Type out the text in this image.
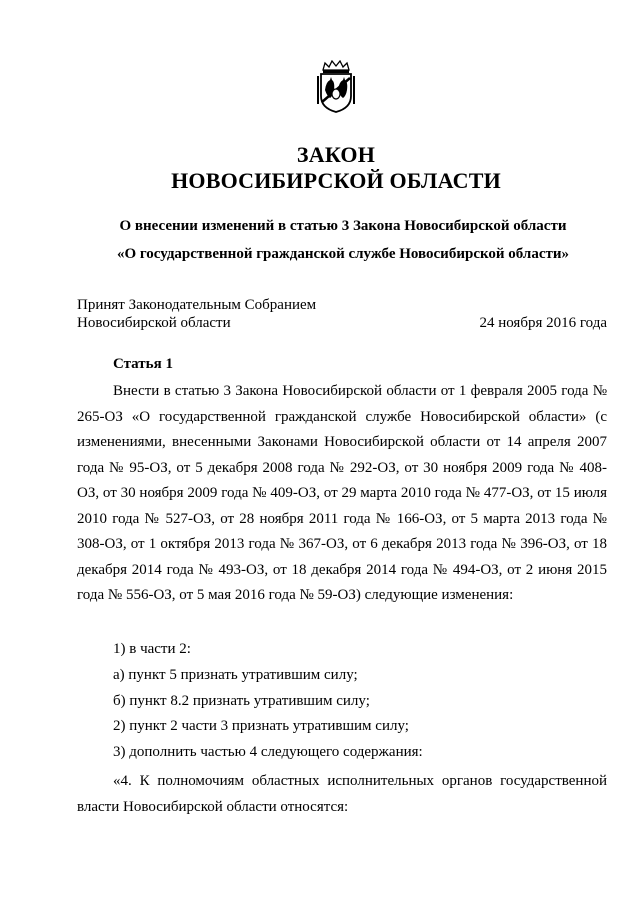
ЗАКОН
НОВОСИБИРСКОЙ ОБЛАСТИ
О внесении изменений в статью 3 Закона Новосибирской области
«О государственной гражданской службе Новосибирской области»
Принят Законодательным Собранием
Новосибирской области	24 ноября 2016 года
Статья 1

Внести в статью 3 Закона Новосибирской области от 1 февраля 2005 года № 265-ОЗ «О государственной гражданской службе Новосибирской области» (с изменениями, внесенными Законами Новосибирской области от 14 апреля 2007 года № 95-ОЗ, от 5 декабря 2008 года № 292-ОЗ, от 30 ноября 2009 года № 408-ОЗ, от 30 ноября 2009 года № 409-ОЗ, от 29 марта 2010 года № 477-ОЗ, от 15 июля 2010 года № 527-ОЗ, от 28 ноября 2011 года № 166-ОЗ, от 5 марта 2013 года № 308-ОЗ, от 1 октября 2013 года № 367-ОЗ, от 6 декабря 2013 года № 396-ОЗ, от 18 декабря 2014 года № 493-ОЗ, от 18 декабря 2014 года № 494-ОЗ, от 2 июня 2015 года № 556-ОЗ, от 5 мая 2016 года № 59-ОЗ) следующие изменения:

1) в части 2:
а) пункт 5 признать утратившим силу;
б) пункт 8.2 признать утратившим силу;
2) пункт 2 части 3 признать утратившим силу;
3) дополнить частью 4 следующего содержания:

«4. К полномочиям областных исполнительных органов государственной власти Новосибирской области относятся:
